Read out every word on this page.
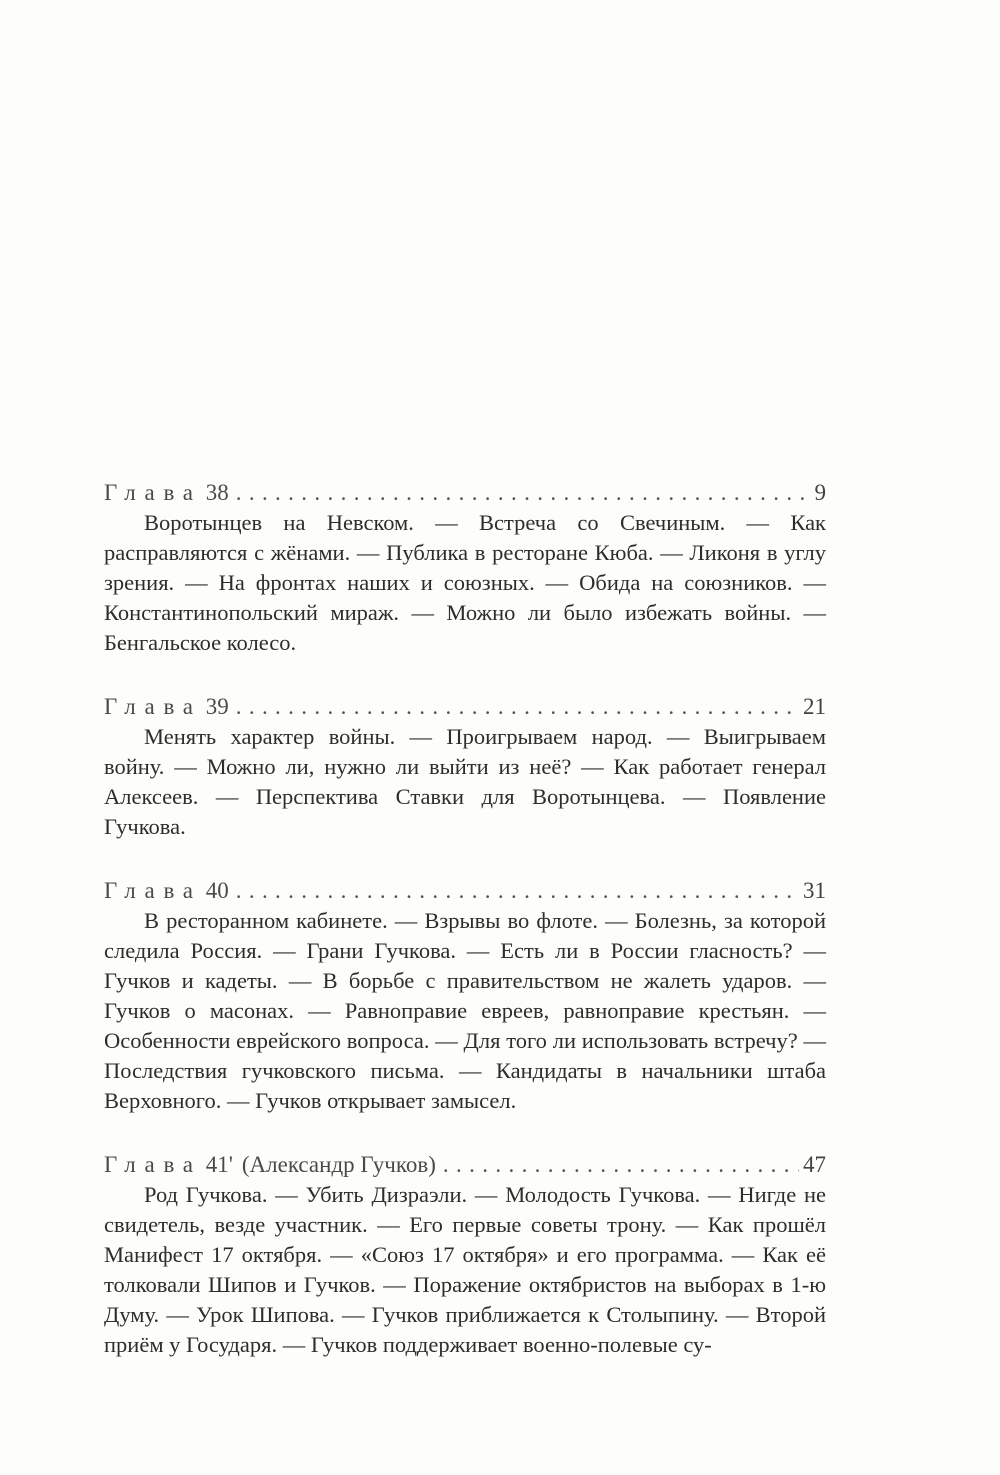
Глава 38 .....	9

Воротынцев на Невском. — Встреча со Свечиным. — Как расправляются с жёнами. — Публика в ресторане Кюба. — Ликоня в углу зрения. — На фронтах наших и союзных. — Обида на союзников. — Константинопольский мираж. — Можно ли было избежать войны. — Бенгальское колесо.

Глава 39 .....	21

Менять характер войны. — Проигрываем народ. — Выигрываем войну. — Можно ли, нужно ли выйти из неё? — Как работает генерал Алексеев. — Перспектива Ставки для Воротынцева. — Появление Гучкова.

Глава 40 .....	31

В ресторанном кабинете. — Взрывы во флоте. — Болезнь, за которой следила Россия. — Грани Гучкова. — Есть ли в России гласность? — Гучков и кадеты. — В борьбе с правительством не жалеть ударов. — Гучков о масонах. — Равноправие евреев, равноправие крестьян. — Особенности еврейского вопроса. — Для того ли использовать встречу? — Последствия гучковского письма. — Кандидаты в начальники штаба Верховного. — Гучков открывает замысел.

Глава 41' (Александр Гучков) .....	47

Род Гучкова. — Убить Дизраэли. — Молодость Гучкова. — Нигде не свидетель, везде участник. — Его первые советы трону. — Как прошёл Манифест 17 октября. — «Союз 17 октября» и его программа. — Как её толковали Шипов и Гучков. — Поражение октябристов на выборах в 1-ю Думу. — Урок Шипова. — Гучков приближается к Столыпину. — Второй приём у Государя. — Гучков поддерживает военно-полевые су-
